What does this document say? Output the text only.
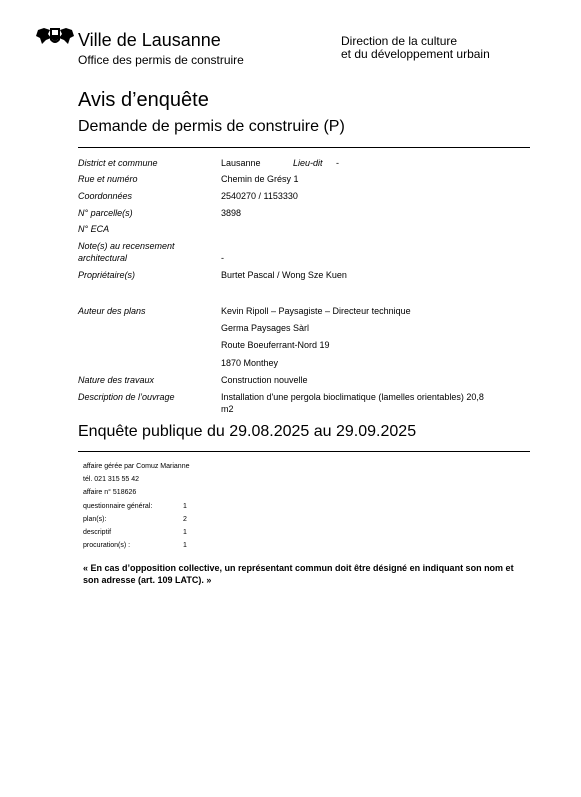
Ville de Lausanne
Office des permis de construire
Direction de la culture
et du développement urbain
Avis d’enquête
Demande de permis de construire (P)
District et commune	Lausanne	Lieu-dit -
Rue et numéro	Chemin de Grésy 1
Coordonnées	2540270 / 1153330
N° parcelle(s)	3898
N° ECA
Note(s) au recensement
architectural	-
Propriétaire(s)	Burtet Pascal / Wong Sze Kuen
Auteur des plans	Kevin Ripoll – Paysagiste – Directeur technique
Germa Paysages Sàrl
Route Boeuferrant-Nord 19
1870 Monthey
Nature des travaux	Construction nouvelle
Description de l’ouvrage	Installation d'une pergola bioclimatique (lamelles orientables) 20,8
m2
Enquête publique du 29.08.2025 au 29.09.2025
affaire gérée par Comuz Marianne
tél. 021 315 55 42
affaire n° 518626
questionnaire général:	1
plan(s):	2
descriptif	1
procuration(s) :	1
« En cas d’opposition collective, un représentant commun doit être désigné en indiquant son nom et son adresse (art. 109 LATC). »
